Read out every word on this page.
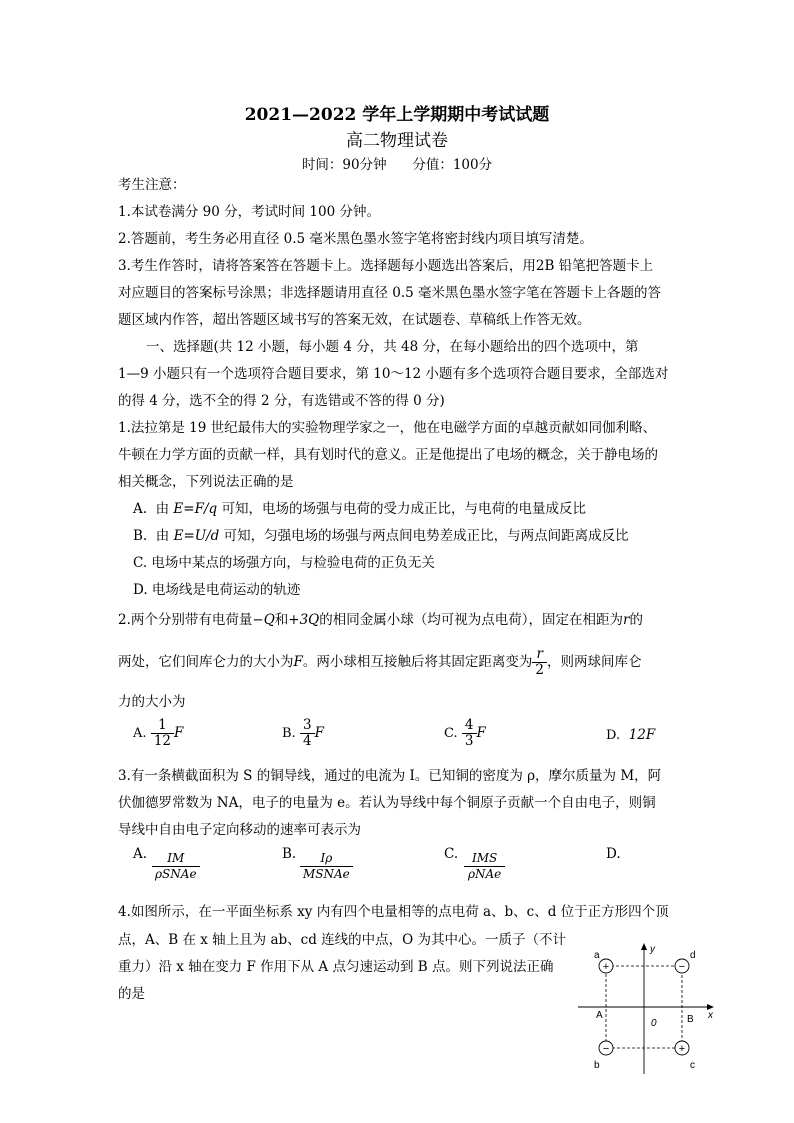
2021—2022 学年上学期期中考试试题
高二物理试卷
时间：90分钟      分值：100分
考生注意：
1.本试卷满分 90 分，考试时间 100 分钟。
2.答题前，考生务必用直径 0.5 毫米黑色墨水签字笔将密封线内项目填写清楚。
3.考生作答时，请将答案答在答题卡上。选择题每小题选出答案后，用2B 铅笔把答题卡上
对应题目的答案标号涂黑；非选择题请用直径 0.5 毫米黑色墨水签字笔在答题卡上各题的答
题区域内作答，超出答题区域书写的答案无效，在试题卷、草稿纸上作答无效。
一、选择题(共 12 小题，每小题 4 分，共 48 分，在每小题给出的四个选项中，第
1—9 小题只有一个选项符合题目要求，第 10～12 小题有多个选项符合题目要求，全部选对
的得 4 分，选不全的得 2 分，有选错或不答的得 0 分)
1.法拉第是 19 世纪最伟大的实验物理学家之一，他在电磁学方面的卓越贡献如同伽利略、
牛顿在力学方面的贡献一样，具有划时代的意义。正是他提出了电场的概念，关于静电场的
相关概念，下列说法正确的是
A.  由 E=F/q 可知，电场的场强与电荷的受力成正比，与电荷的电量成反比
B.  由 E=U/d 可知，匀强电场的场强与两点间电势差成正比，与两点间距离成反比
C. 电场中某点的场强方向，与检验电荷的正负无关
D. 电场线是电荷运动的轨迹
2.两个分别带有电荷量−Q和+3Q的相同金属小球（均可视为点电荷），固定在相距为r的
两处，它们间库仑力的大小为F。两小球相互接触后将其固定距离变为 $\frac{r}{2}$ ，则两球间库仑
力的大小为
A. $\frac{1}{12}$ F	B. $\frac{3}{4}$ F	C. $\frac{4}{3}$ F	D. 12F
3.有一条横截面积为 S 的铜导线，通过的电流为 I。已知铜的密度为 ρ，摩尔质量为 M，阿
伏伽德罗常数为 NA，电子的电量为 e。若认为导线中每个铜原子贡献一个自由电子，则铜
导线中自由电子定向移动的速率可表示为
A.	IM
ρSNAe
B.	Iρ
MSNAe
C.	IMS
ρNAe
D.
4.如图所示，在一平面坐标系 xy 内有四个电量相等的点电荷 a、b、c、d 位于正方形四个顶
点，A、B 在 x 轴上且为 ab、cd 连线的中点，O 为其中心。一质子（不计
重力）沿 x 轴在变力 F 作用下从 A 点匀速运动到 B 点。则下列说法正确
的是
+	−
−	+
a	d
b	c
A	B
0
y
x
